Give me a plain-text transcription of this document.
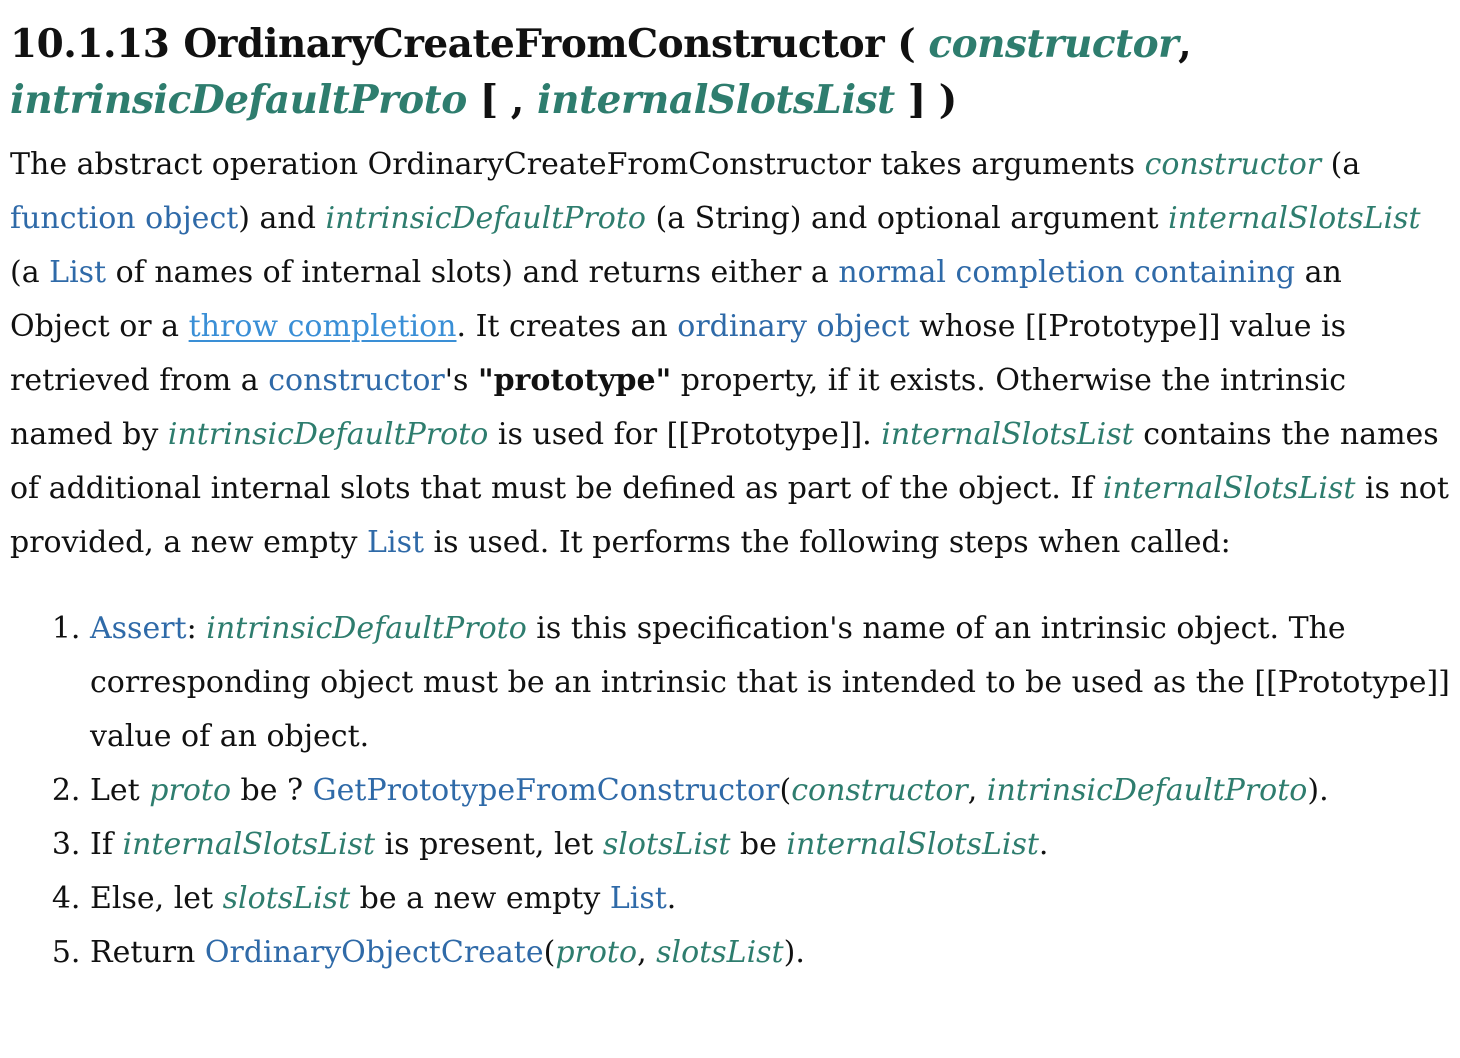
10.1.13 OrdinaryCreateFromConstructor ( constructor,
intrinsicDefaultProto [ , internalSlotsList ] )

The abstract operation OrdinaryCreateFromConstructor takes arguments constructor (a function object) and intrinsicDefaultProto (a String) and optional argument internalSlotsList (a List of names of internal slots) and returns either a normal completion containing an Object or a throw completion. It creates an ordinary object whose [[Prototype]] value is retrieved from a constructor's "prototype" property, if it exists. Otherwise the intrinsic named by intrinsicDefaultProto is used for [[Prototype]]. internalSlotsList contains the names of additional internal slots that must be defined as part of the object. If internalSlotsList is not provided, a new empty List is used. It performs the following steps when called:

1. Assert: intrinsicDefaultProto is this specification's name of an intrinsic object. The corresponding object must be an intrinsic that is intended to be used as the [[Prototype]] value of an object.
2. Let proto be ? GetPrototypeFromConstructor(constructor, intrinsicDefaultProto).
3. If internalSlotsList is present, let slotsList be internalSlotsList.
4. Else, let slotsList be a new empty List.
5. Return OrdinaryObjectCreate(proto, slotsList).
